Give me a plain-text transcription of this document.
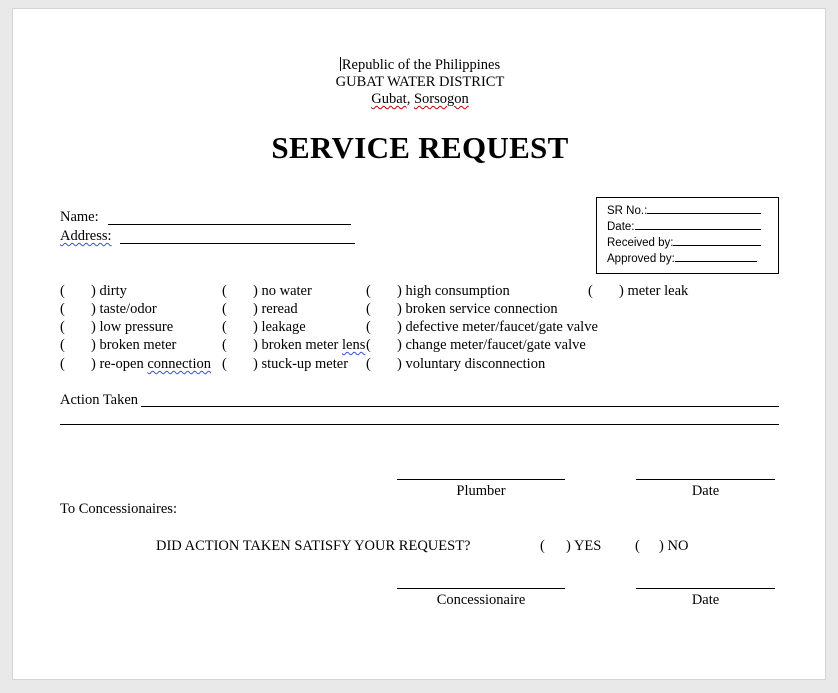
Republic of the Philippines
GUBAT WATER DISTRICT
Gubat, Sorsogon
SERVICE REQUEST
Name:
Address:
SR No.:
Date:
Received by:
Approved by:
( ) dirty
( ) taste/odor
( ) low pressure
( ) broken meter
( ) re-open connection
( ) no water
( ) reread
( ) leakage
( ) broken meter lens
( ) stuck-up meter
( ) high consumption
( ) broken service connection
( ) defective meter/faucet/gate valve
( ) change meter/faucet/gate valve
( ) voluntary disconnection
( ) meter leak
Action Taken
Plumber	Date
To Concessionaires:
DID ACTION TAKEN SATISFY YOUR REQUEST?	( ) YES ( ) NO
Concessionaire	Date
